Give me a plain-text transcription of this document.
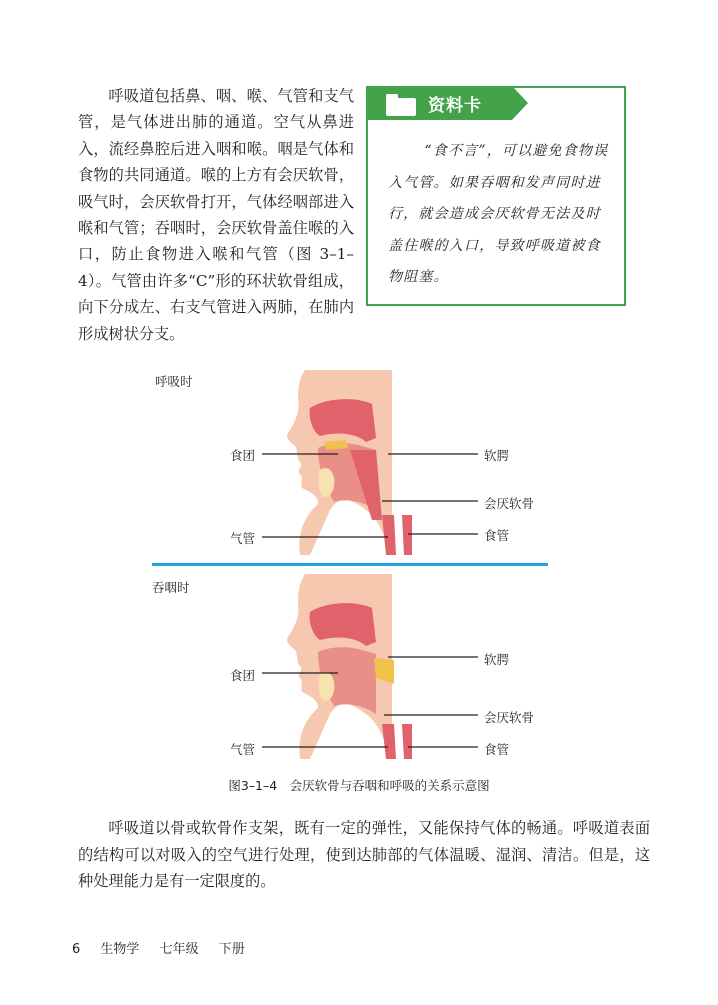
呼吸道包括鼻、咽、喉、气管和支气管，是气体进出肺的通道。空气从鼻进入，流经鼻腔后进入咽和喉。咽是气体和食物的共同通道。喉的上方有会厌软骨，吸气时，会厌软骨打开，气体经咽部进入喉和气管；吞咽时，会厌软骨盖住喉的入口，防止食物进入喉和气管（图 3–1–4）。气管由许多“C”形的环状软骨组成，向下分成左、右支气管进入两肺，在肺内形成树状分支。

资料卡

“食不言”，可以避免食物误入气管。如果吞咽和发声同时进行，就会造成会厌软骨无法及时盖住喉的入口，导致呼吸道被食物阻塞。

呼吸时
食团
气管
软腭
会厌软骨
食管
吞咽时
食团
气管
软腭
会厌软骨
食管
图3–1–4　会厌软骨与吞咽和呼吸的关系示意图

呼吸道以骨或软骨作支架，既有一定的弹性，又能保持气体的畅通。呼吸道表面的结构可以对吸入的空气进行处理，使到达肺部的气体温暖、湿润、清洁。但是，这种处理能力是有一定限度的。

6 生物学 七年级 下册
